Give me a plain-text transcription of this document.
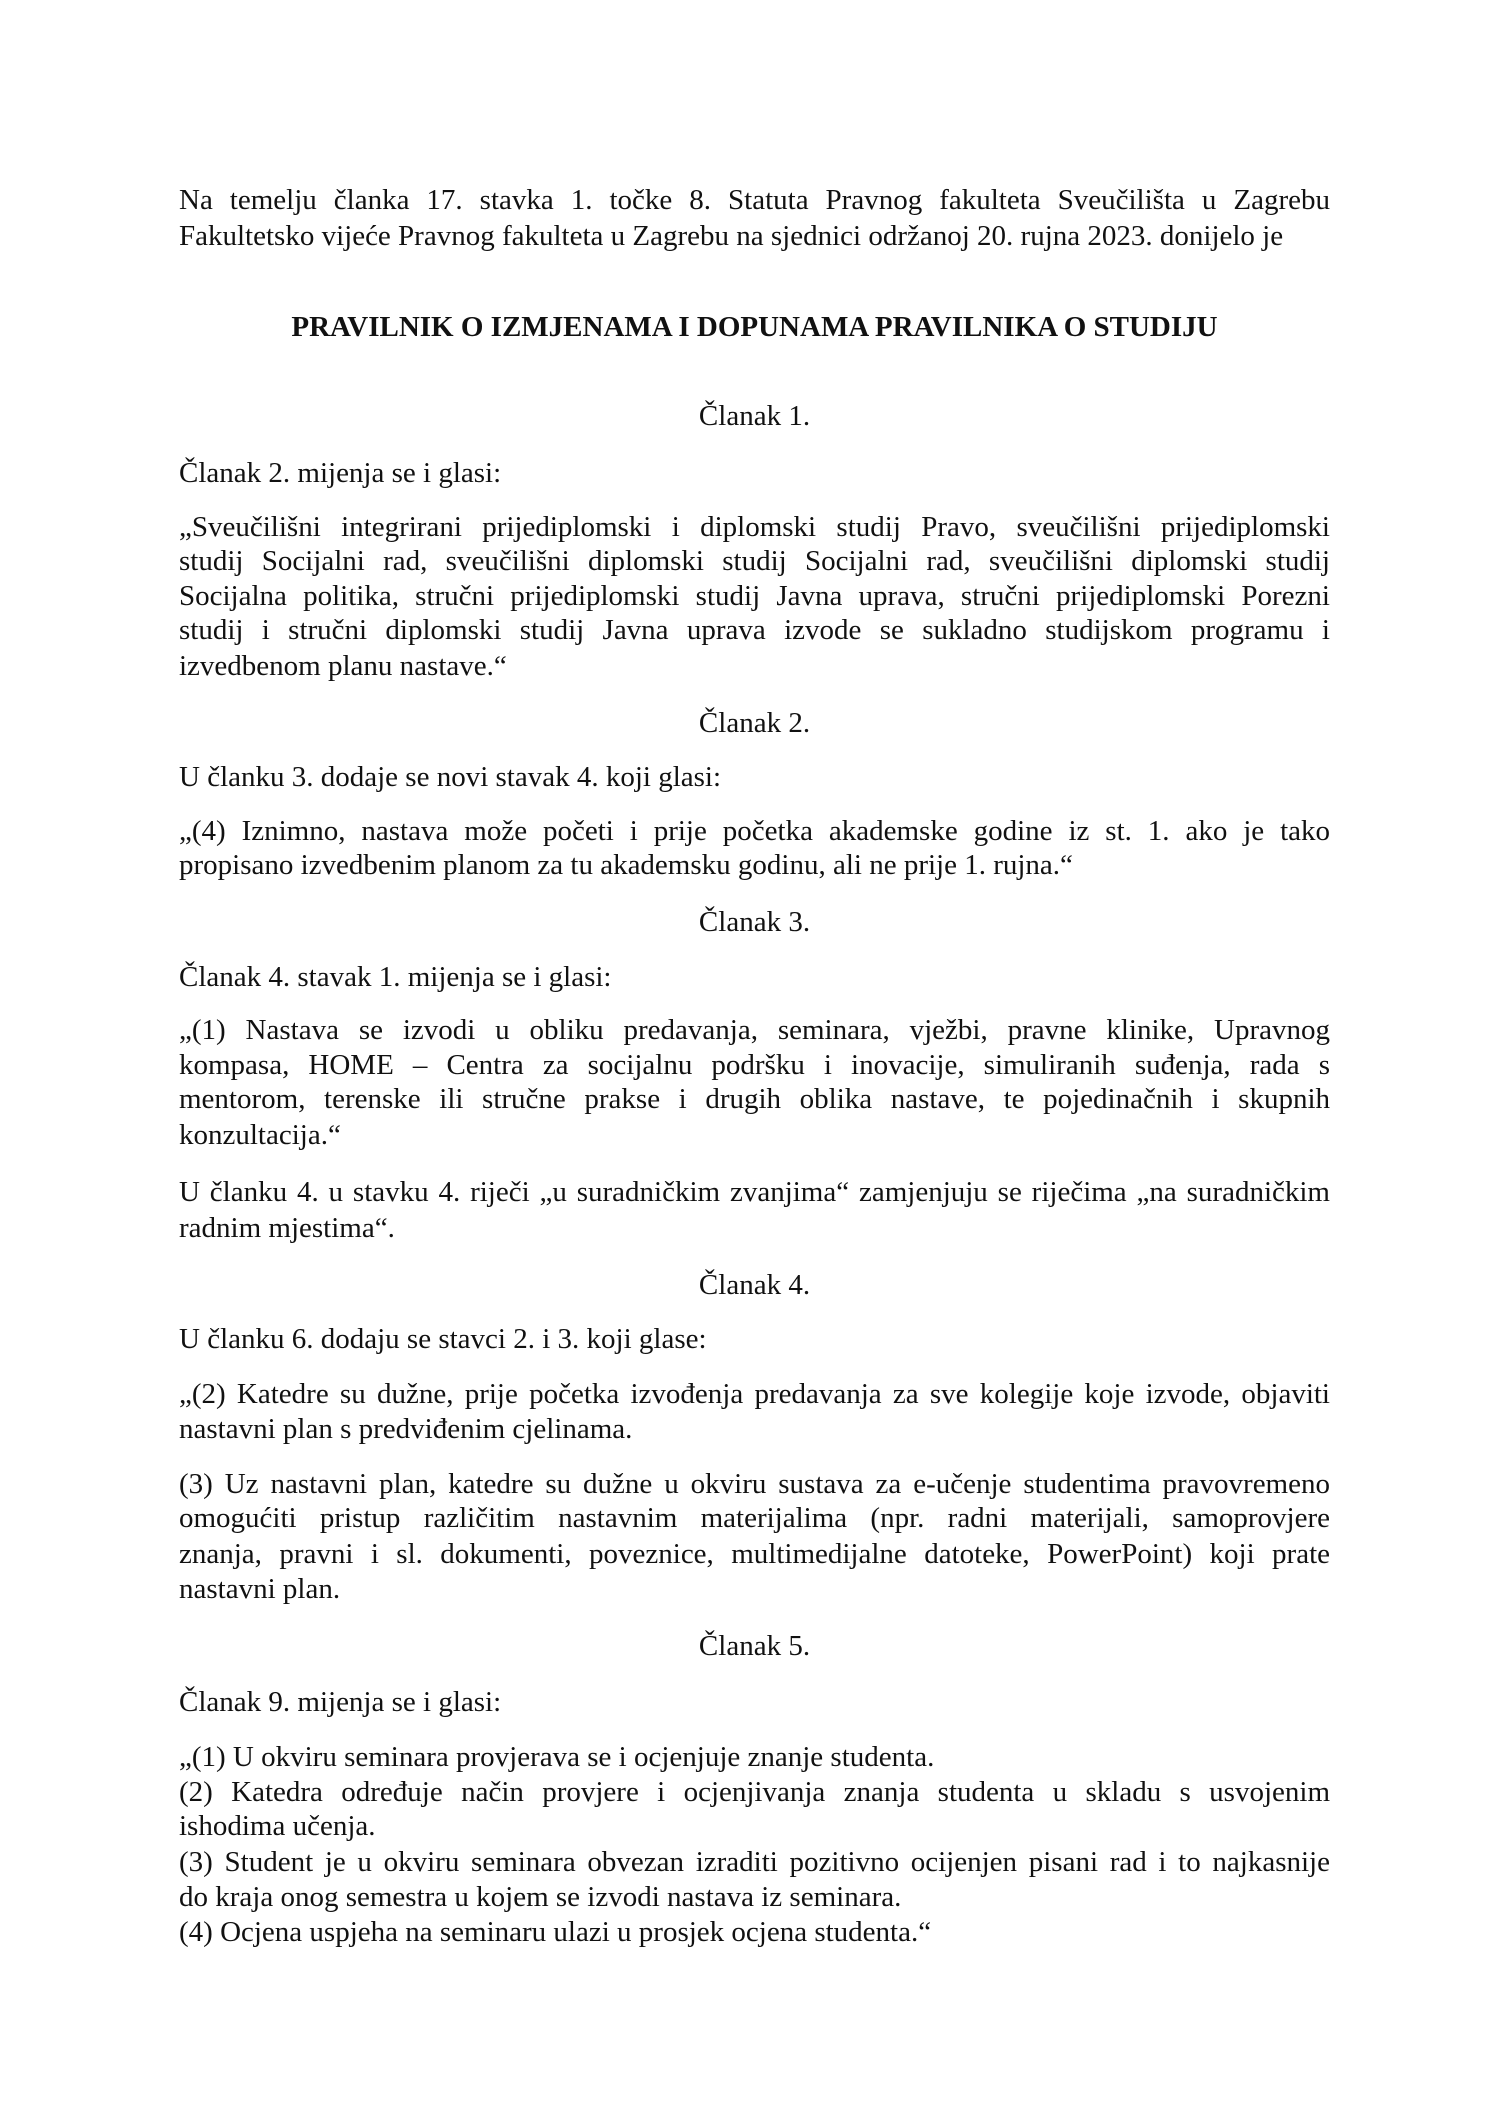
Na temelju članka 17. stavka 1. točke 8. Statuta Pravnog fakulteta Sveučilišta u Zagrebu
Fakultetsko vijeće Pravnog fakulteta u Zagrebu na sjednici održanoj 20. rujna 2023. donijelo je
PRAVILNIK O IZMJENAMA I DOPUNAMA PRAVILNIKA O STUDIJU
Članak 1.
Članak 2. mijenja se i glasi:
„Sveučilišni integrirani prijediplomski i diplomski studij Pravo, sveučilišni prijediplomski
studij Socijalni rad, sveučilišni diplomski studij Socijalni rad, sveučilišni diplomski studij
Socijalna politika, stručni prijediplomski studij Javna uprava, stručni prijediplomski Porezni
studij i stručni diplomski studij Javna uprava izvode se sukladno studijskom programu i
izvedbenom planu nastave.“
Članak 2.
U članku 3. dodaje se novi stavak 4. koji glasi:
„(4) Iznimno, nastava može početi i prije početka akademske godine iz st. 1. ako je tako
propisano izvedbenim planom za tu akademsku godinu, ali ne prije 1. rujna.“
Članak 3.
Članak 4. stavak 1. mijenja se i glasi:
„(1) Nastava se izvodi u obliku predavanja, seminara, vježbi, pravne klinike, Upravnog
kompasa, HOME – Centra za socijalnu podršku i inovacije, simuliranih suđenja, rada s
mentorom, terenske ili stručne prakse i drugih oblika nastave, te pojedinačnih i skupnih
konzultacija.“
U članku 4. u stavku 4. riječi „u suradničkim zvanjima“ zamjenjuju se riječima „na suradničkim
radnim mjestima“.
Članak 4.
U članku 6. dodaju se stavci 2. i 3. koji glase:
„(2) Katedre su dužne, prije početka izvođenja predavanja za sve kolegije koje izvode, objaviti
nastavni plan s predviđenim cjelinama.
(3) Uz nastavni plan, katedre su dužne u okviru sustava za e-učenje studentima pravovremeno
omogućiti pristup različitim nastavnim materijalima (npr. radni materijali, samoprovjere
znanja, pravni i sl. dokumenti, poveznice, multimedijalne datoteke, PowerPoint) koji prate
nastavni plan.
Članak 5.
Članak 9. mijenja se i glasi:
„(1) U okviru seminara provjerava se i ocjenjuje znanje studenta.
(2) Katedra određuje način provjere i ocjenjivanja znanja studenta u skladu s usvojenim
ishodima učenja.
(3) Student je u okviru seminara obvezan izraditi pozitivno ocijenjen pisani rad i to najkasnije
do kraja onog semestra u kojem se izvodi nastava iz seminara.
(4) Ocjena uspjeha na seminaru ulazi u prosjek ocjena studenta.“
